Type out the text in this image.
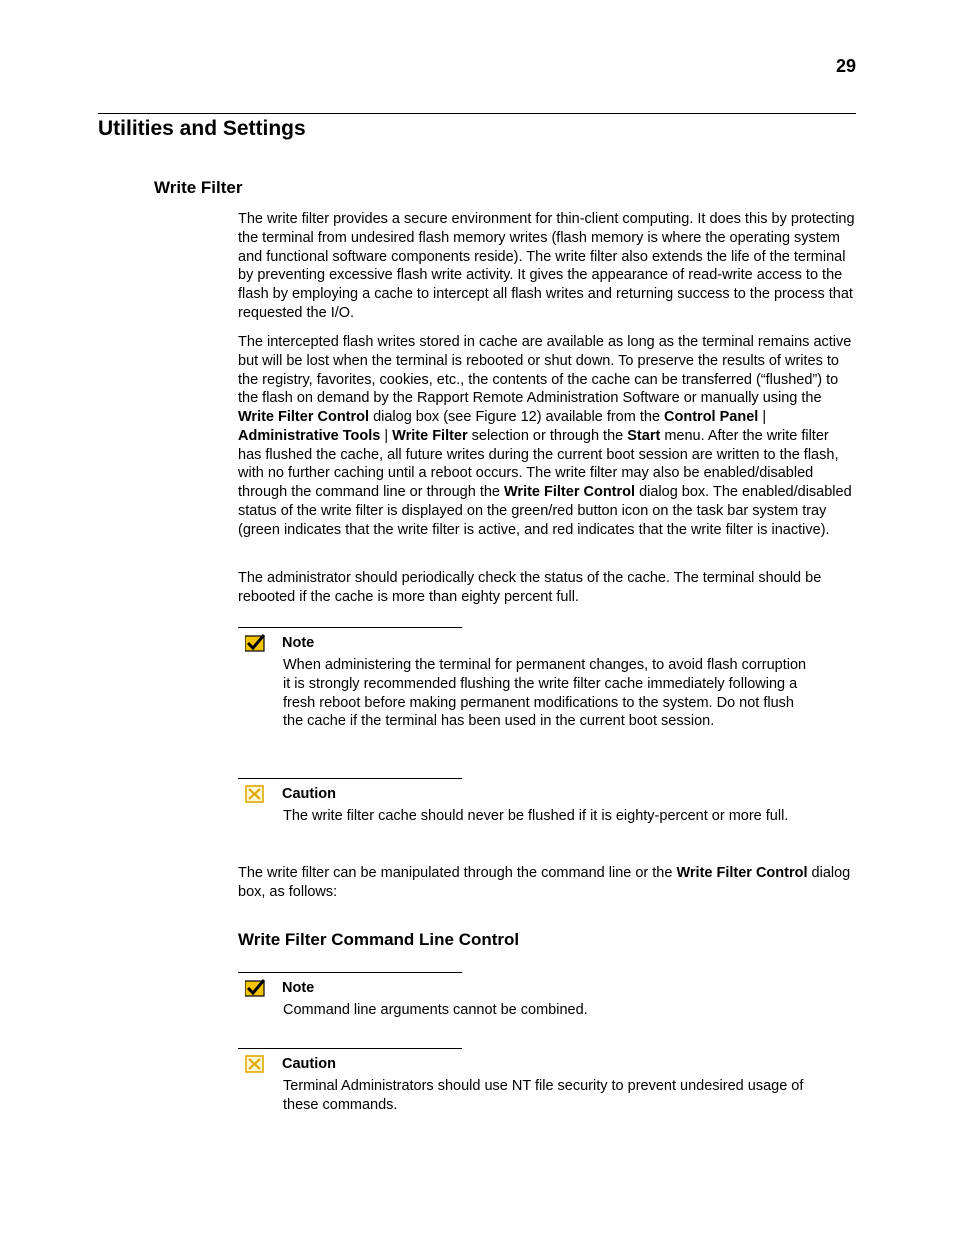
29
Utilities and Settings
Write Filter

The write filter provides a secure environment for thin-client computing. It does this by protecting the terminal from undesired flash memory writes (flash memory is where the operating system and functional software components reside). The write filter also extends the life of the terminal by preventing excessive flash write activity. It gives the appearance of read-write access to the flash by employing a cache to intercept all flash writes and returning success to the process that requested the I/O.

The intercepted flash writes stored in cache are available as long as the terminal remains active but will be lost when the terminal is rebooted or shut down. To preserve the results of writes to the registry, favorites, cookies, etc., the contents of the cache can be transferred (“flushed”) to the flash on demand by the Rapport Remote Administration Software or manually using the Write Filter Control dialog box (see Figure 12) available from the Control Panel | Administrative Tools | Write Filter selection or through the Start menu. After the write filter has flushed the cache, all future writes during the current boot session are written to the flash, with no further caching until a reboot occurs. The write filter may also be enabled/disabled through the command line or through the Write Filter Control dialog box. The enabled/disabled status of the write filter is displayed on the green/red button icon on the task bar system tray (green indicates that the write filter is active, and red indicates that the write filter is inactive).

The administrator should periodically check the status of the cache. The terminal should be rebooted if the cache is more than eighty percent full.

Note
When administering the terminal for permanent changes, to avoid flash corruption it is strongly recommended flushing the write filter cache immediately following a fresh reboot before making permanent modifications to the system. Do not flush the cache if the terminal has been used in the current boot session.
Caution
The write filter cache should never be flushed if it is eighty-percent or more full.

The write filter can be manipulated through the command line or the Write Filter Control dialog box, as follows:

Write Filter Command Line Control
Note
Command line arguments cannot be combined.
Caution
Terminal Administrators should use NT file security to prevent undesired usage of these commands.
